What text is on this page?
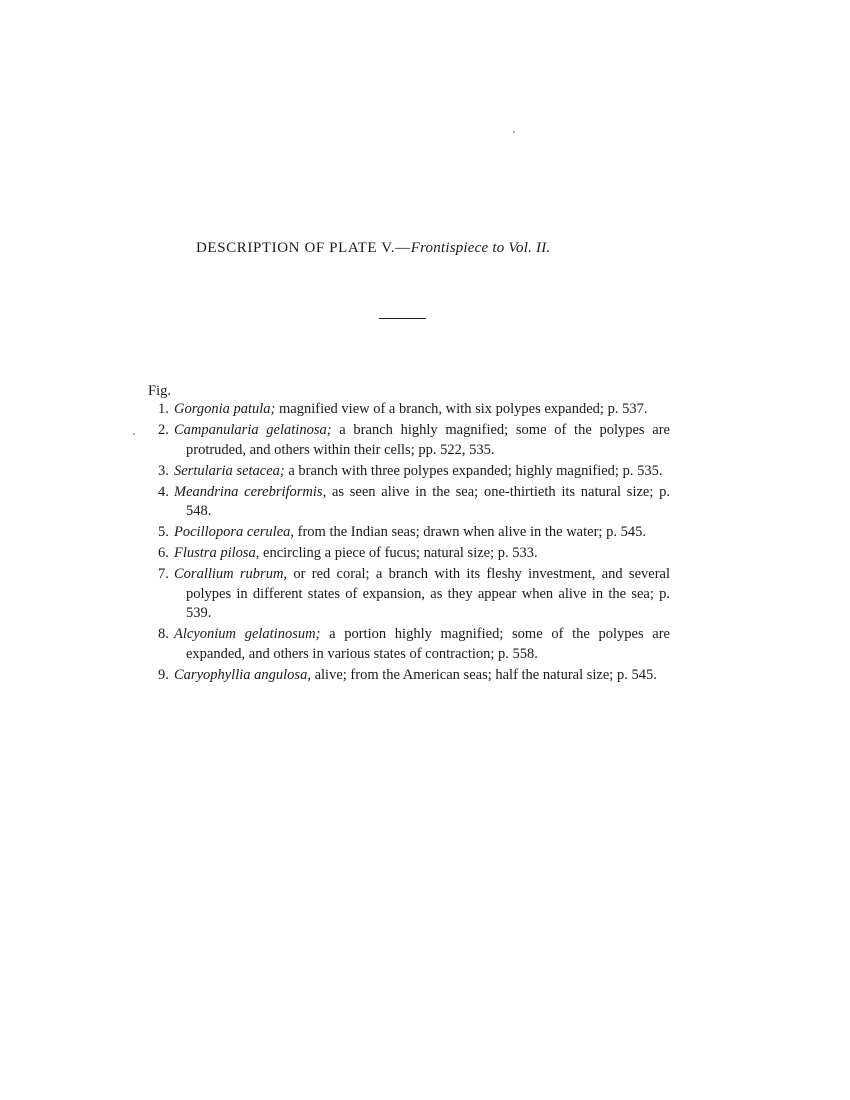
DESCRIPTION OF PLATE V.—Frontispiece to Vol. II.
Fig.
1. Gorgonia patula; magnified view of a branch, with six polypes expanded; p. 537.
2. Campanularia gelatinosa; a branch highly magnified; some of the polypes are protruded, and others within their cells; pp. 522, 535.
3. Sertularia setacea; a branch with three polypes expanded; highly magnified; p. 535.
4. Meandrina cerebriformis, as seen alive in the sea; one-thirtieth its natural size; p. 548.
5. Pocillopora cerulea, from the Indian seas; drawn when alive in the water; p. 545.
6. Flustra pilosa, encircling a piece of fucus; natural size; p. 533.
7. Corallium rubrum, or red coral; a branch with its fleshy investment, and several polypes in different states of expansion, as they appear when alive in the sea; p. 539.
8. Alcyonium gelatinosum; a portion highly magnified; some of the polypes are expanded, and others in various states of contraction; p. 558.
9. Caryophyllia angulosa, alive; from the American seas; half the natural size; p. 545.
